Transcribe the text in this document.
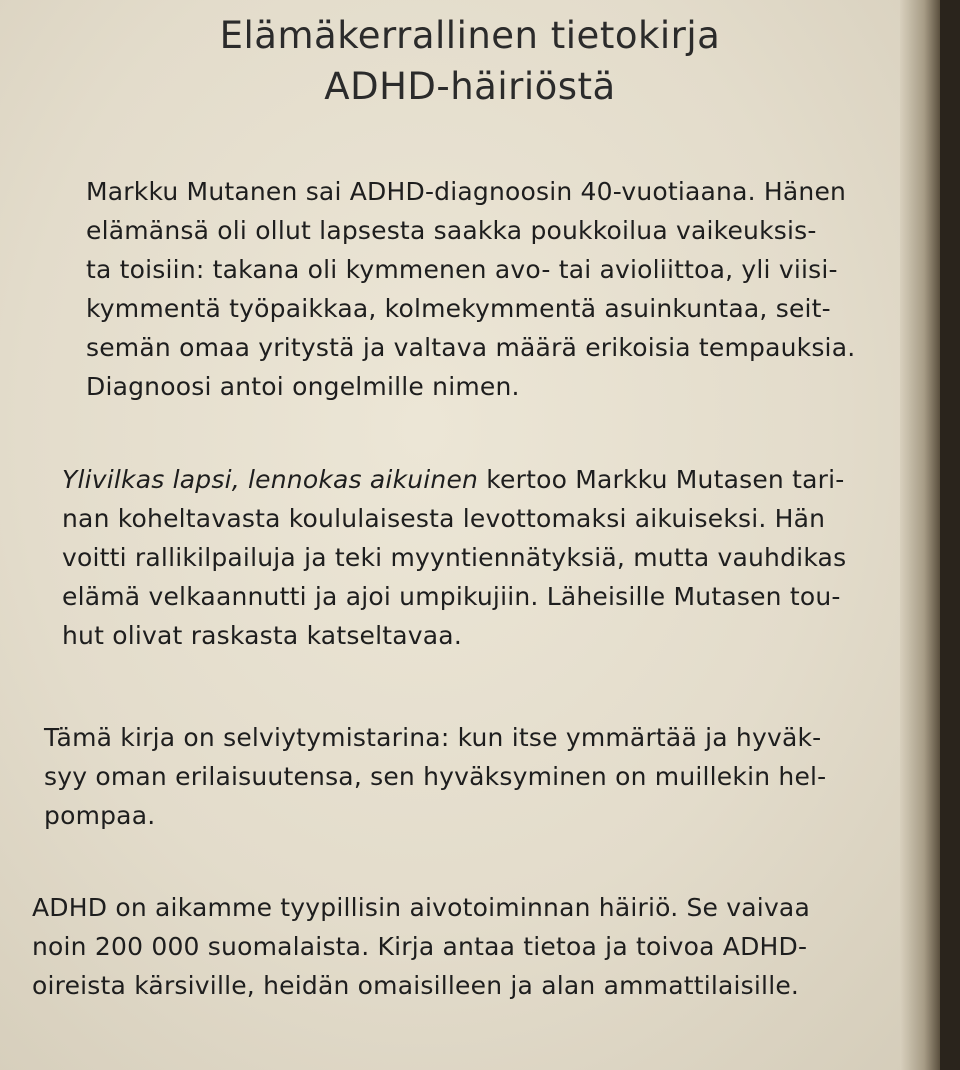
Elämäkerrallinen tietokirja
ADHD-häiriöstä
Markku Mutanen sai ADHD-diagnoosin 40-vuotiaana. Hänen
elämänsä oli ollut lapsesta saakka poukkoilua vaikeuksis-
ta toisiin: takana oli kymmenen avo- tai avioliittoa, yli viisi-
kymmentä työpaikkaa, kolmekymmentä asuinkuntaa, seit-
semän omaa yritystä ja valtava määrä erikoisia tempauksia.
Diagnoosi antoi ongelmille nimen.
Ylivilkas lapsi, lennokas aikuinen kertoo Markku Mutasen tari-
nan koheltavasta koululaisesta levottomaksi aikuiseksi. Hän
voitti rallikilpailuja ja teki myyntiennätyksiä, mutta vauhdikas
elämä velkaannutti ja ajoi umpikujiin. Läheisille Mutasen tou-
hut olivat raskasta katseltavaa.
Tämä kirja on selviytymistarina: kun itse ymmärtää ja hyväk-
syy oman erilaisuutensa, sen hyväksyminen on muillekin hel-
pompaa.
ADHD on aikamme tyypillisin aivotoiminnan häiriö. Se vaivaa
noin 200 000 suomalaista. Kirja antaa tietoa ja toivoa ADHD-
oireista kärsiville, heidän omaisilleen ja alan ammattilaisille.
